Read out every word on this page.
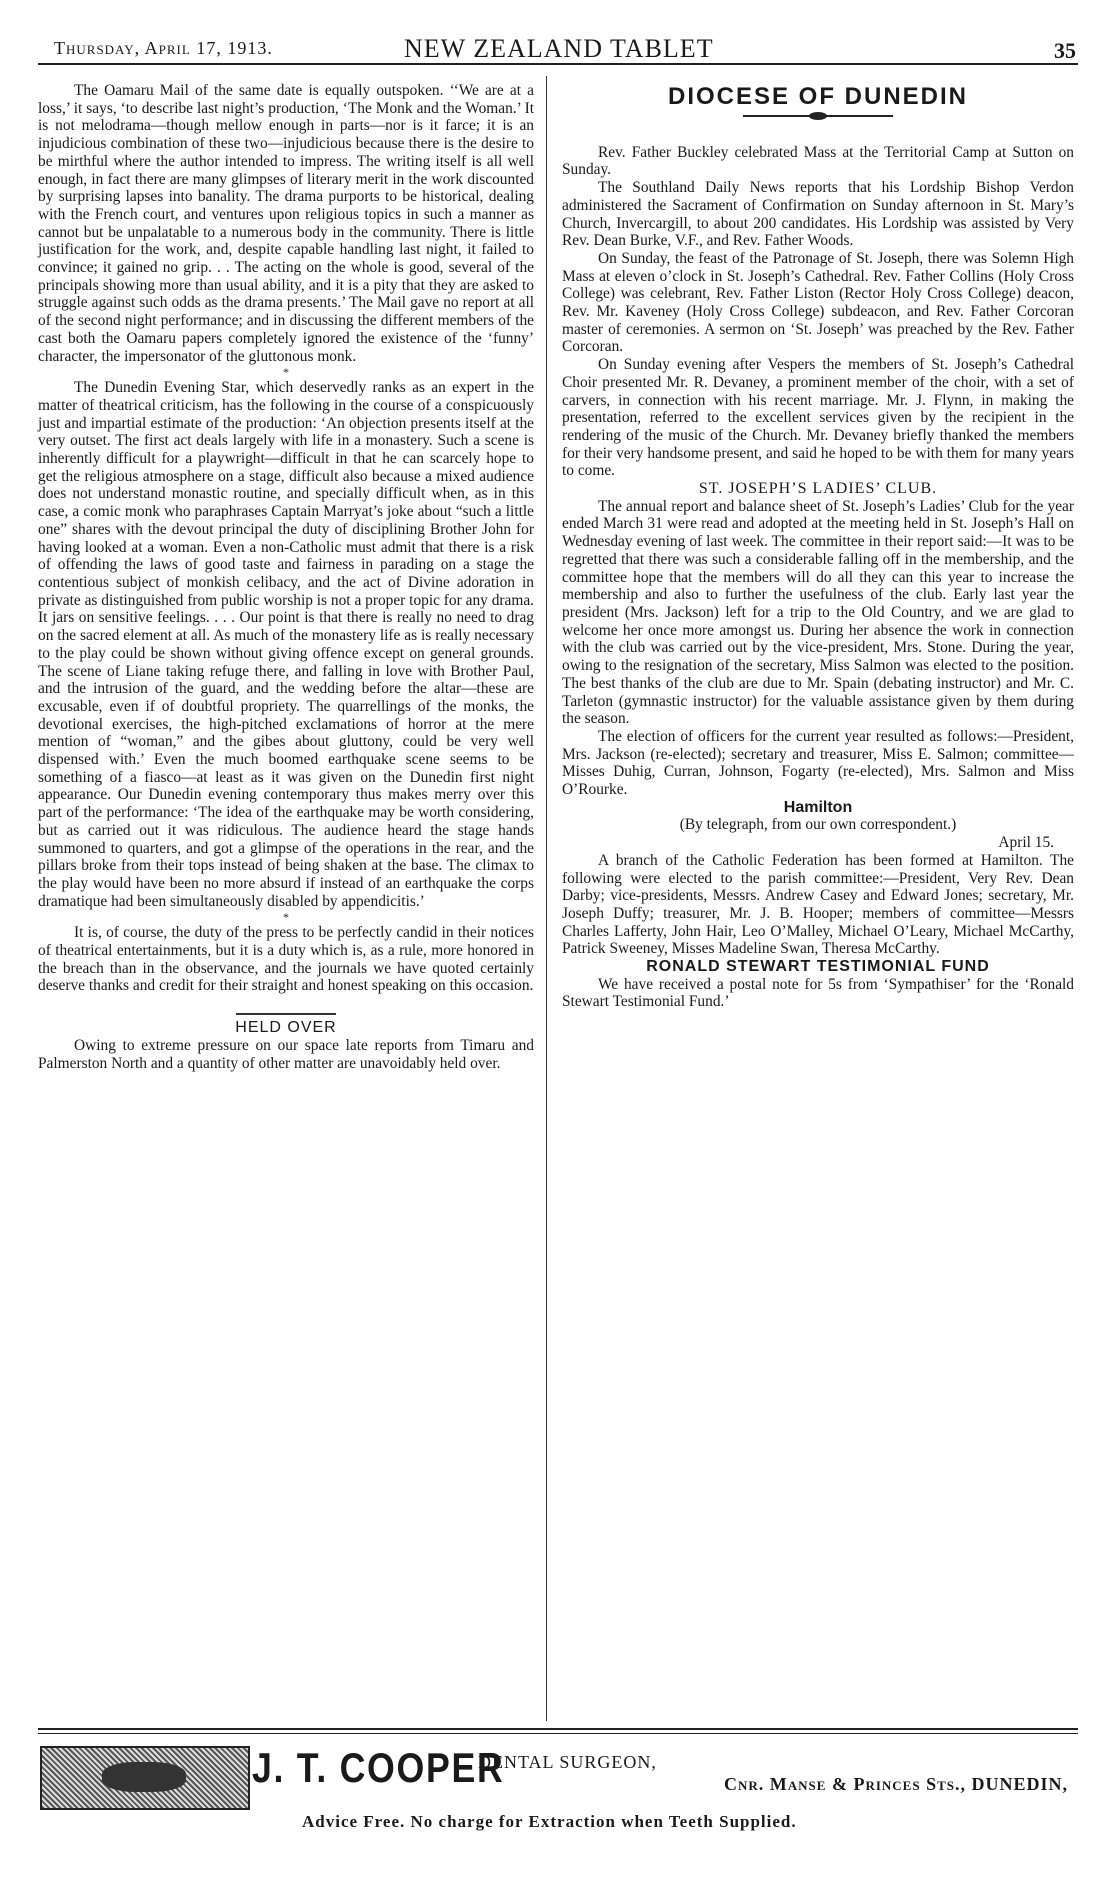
Thursday, April 17, 1913.	NEW ZEALAND TABLET	35

The Oamaru Mail of the same date is equally outspoken. ‘‘We are at a loss,’ it says, ‘to describe last night’s production, ‘The Monk and the Woman.’ It is not melodrama—though mellow enough in parts—nor is it farce; it is an injudicious combination of these two—injudicious because there is the desire to be mirthful where the author intended to impress. The writing itself is all well enough, in fact there are many glimpses of literary merit in the work discounted by surprising lapses into banality. The drama purports to be historical, dealing with the French court, and ventures upon religious topics in such a manner as cannot but be unpalatable to a numerous body in the community. There is little justification for the work, and, despite capable handling last night, it failed to convince; it gained no grip. . . The acting on the whole is good, several of the principals showing more than usual ability, and it is a pity that they are asked to struggle against such odds as the drama presents.’ The Mail gave no report at all of the second night performance; and in discussing the different members of the cast both the Oamaru papers completely ignored the existence of the ‘funny’ character, the impersonator of the gluttonous monk.

*

The Dunedin Evening Star, which deservedly ranks as an expert in the matter of theatrical criticism, has the following in the course of a conspicuously just and impartial estimate of the production: ‘An objection presents itself at the very outset. The first act deals largely with life in a monastery. Such a scene is inherently difficult for a playwright—difficult in that he can scarcely hope to get the religious atmosphere on a stage, difficult also because a mixed audience does not understand monastic routine, and specially difficult when, as in this case, a comic monk who paraphrases Captain Marryat’s joke about “such a little one” shares with the devout principal the duty of disciplining Brother John for having looked at a woman. Even a non-Catholic must admit that there is a risk of offending the laws of good taste and fairness in parading on a stage the contentious subject of monkish celibacy, and the act of Divine adoration in private as distinguished from public worship is not a proper topic for any drama. It jars on sensitive feelings. . . . Our point is that there is really no need to drag on the sacred element at all. As much of the monastery life as is really necessary to the play could be shown without giving offence except on general grounds. The scene of Liane taking refuge there, and falling in love with Brother Paul, and the intrusion of the guard, and the wedding before the altar—these are excusable, even if of doubtful propriety. The quarrellings of the monks, the devotional exercises, the high-pitched exclamations of horror at the mere mention of “woman,” and the gibes about gluttony, could be very well dispensed with.’ Even the much boomed earthquake scene seems to be something of a fiasco—at least as it was given on the Dunedin first night appearance. Our Dunedin evening contemporary thus makes merry over this part of the performance: ‘The idea of the earthquake may be worth considering, but as carried out it was ridiculous. The audience heard the stage hands summoned to quarters, and got a glimpse of the operations in the rear, and the pillars broke from their tops instead of being shaken at the base. The climax to the play would have been no more absurd if instead of an earthquake the corps dramatique had been simultaneously disabled by appendicitis.’

*

It is, of course, the duty of the press to be perfectly candid in their notices of theatrical entertainments, but it is a duty which is, as a rule, more honored in the breach than in the observance, and the journals we have quoted certainly deserve thanks and credit for their straight and honest speaking on this occasion.

HELD OVER

Owing to extreme pressure on our space late reports from Timaru and Palmerston North and a quantity of other matter are unavoidably held over.

DIOCESE OF DUNEDIN

Rev. Father Buckley celebrated Mass at the Territorial Camp at Sutton on Sunday.

The Southland Daily News reports that his Lordship Bishop Verdon administered the Sacrament of Confirmation on Sunday afternoon in St. Mary’s Church, Invercargill, to about 200 candidates. His Lordship was assisted by Very Rev. Dean Burke, V.F., and Rev. Father Woods.

On Sunday, the feast of the Patronage of St. Joseph, there was Solemn High Mass at eleven o’clock in St. Joseph’s Cathedral. Rev. Father Collins (Holy Cross College) was celebrant, Rev. Father Liston (Rector Holy Cross College) deacon, Rev. Mr. Kaveney (Holy Cross College) subdeacon, and Rev. Father Corcoran master of ceremonies. A sermon on ‘St. Joseph’ was preached by the Rev. Father Corcoran.

On Sunday evening after Vespers the members of St. Joseph’s Cathedral Choir presented Mr. R. Devaney, a prominent member of the choir, with a set of carvers, in connection with his recent marriage. Mr. J. Flynn, in making the presentation, referred to the excellent services given by the recipient in the rendering of the music of the Church. Mr. Devaney briefly thanked the members for their very handsome present, and said he hoped to be with them for many years to come.

ST. JOSEPH’S LADIES’ CLUB.

The annual report and balance sheet of St. Joseph’s Ladies’ Club for the year ended March 31 were read and adopted at the meeting held in St. Joseph’s Hall on Wednesday evening of last week. The committee in their report said:—It was to be regretted that there was such a considerable falling off in the membership, and the committee hope that the members will do all they can this year to increase the membership and also to further the usefulness of the club. Early last year the president (Mrs. Jackson) left for a trip to the Old Country, and we are glad to welcome her once more amongst us. During her absence the work in connection with the club was carried out by the vice-president, Mrs. Stone. During the year, owing to the resignation of the secretary, Miss Salmon was elected to the position. The best thanks of the club are due to Mr. Spain (debating instructor) and Mr. C. Tarleton (gymnastic instructor) for the valuable assistance given by them during the season.

The election of officers for the current year resulted as follows:—President, Mrs. Jackson (re-elected); secretary and treasurer, Miss E. Salmon; committee—Misses Duhig, Curran, Johnson, Fogarty (re-elected), Mrs. Salmon and Miss O’Rourke.

Hamilton

(By telegraph, from our own correspondent.)

April 15.

A branch of the Catholic Federation has been formed at Hamilton. The following were elected to the parish committee:—President, Very Rev. Dean Darby; vice-presidents, Messrs. Andrew Casey and Edward Jones; secretary, Mr. Joseph Duffy; treasurer, Mr. J. B. Hooper; members of committee—Messrs Charles Lafferty, John Hair, Leo O’Malley, Michael O’Leary, Michael McCarthy, Patrick Sweeney, Misses Madeline Swan, Theresa McCarthy.

RONALD STEWART TESTIMONIAL FUND

We have received a postal note for 5s from ‘Sympathiser’ for the ‘Ronald Stewart Testimonial Fund.’

J. T. COOPER
DENTAL SURGEON,
Cnr. Manse & Princes Sts., DUNEDIN,
Advice Free. No charge for Extraction when Teeth Supplied.
